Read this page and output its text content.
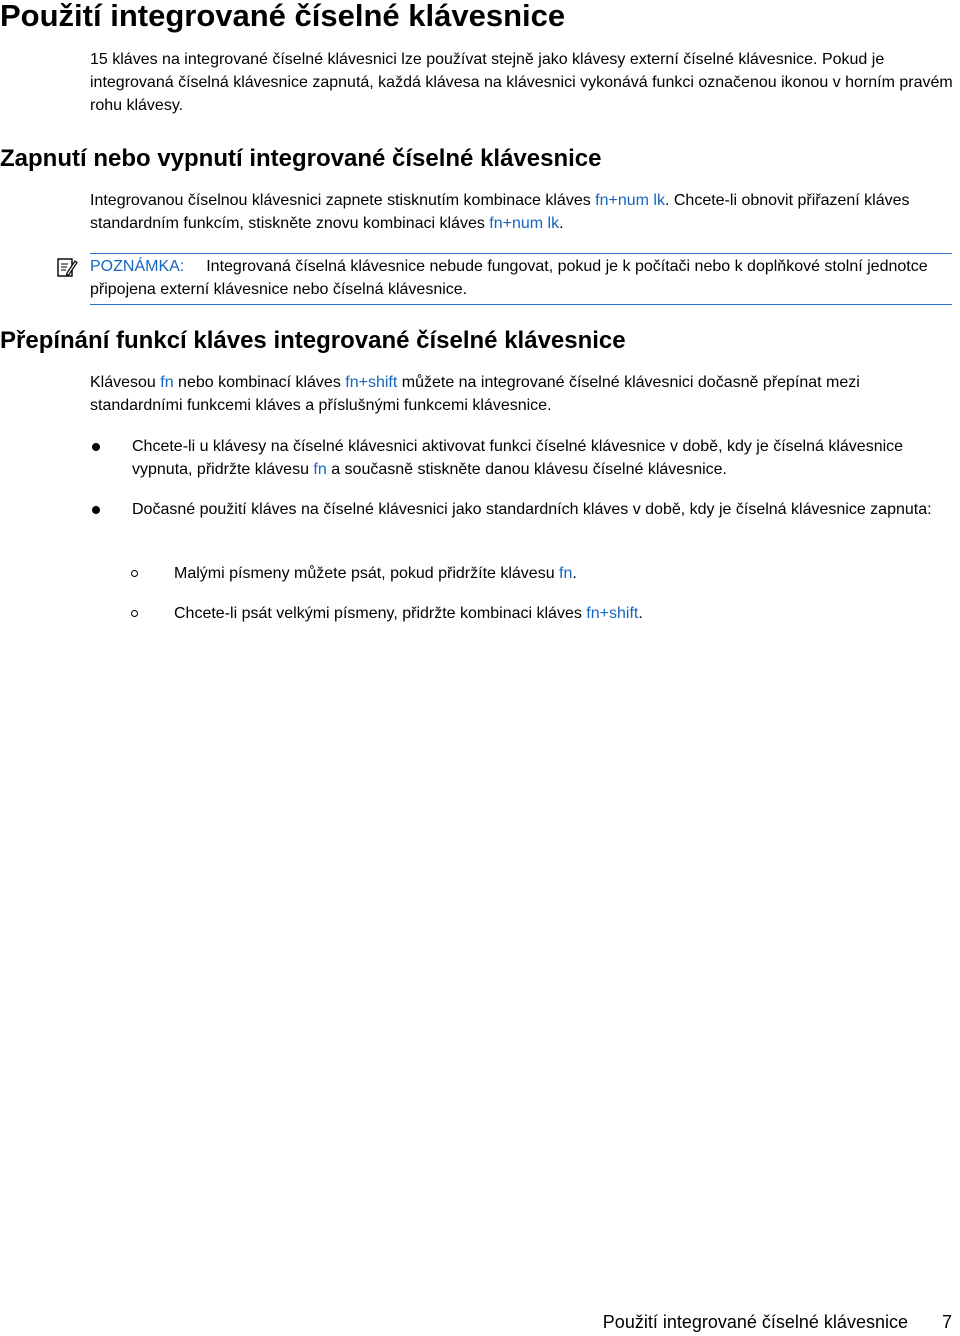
Použití integrované číselné klávesnice

15 kláves na integrované číselné klávesnici lze používat stejně jako klávesy externí číselné klávesnice. Pokud je integrovaná číselná klávesnice zapnutá, každá klávesa na klávesnici vykonává funkci označenou ikonou v horním pravém rohu klávesy.

Zapnutí nebo vypnutí integrované číselné klávesnice

Integrovanou číselnou klávesnici zapnete stisknutím kombinace kláves fn+num lk. Chcete-li obnovit přiřazení kláves standardním funkcím, stiskněte znovu kombinaci kláves fn+num lk.

POZNÁMKA: Integrovaná číselná klávesnice nebude fungovat, pokud je k počítači nebo k doplňkové stolní jednotce připojena externí klávesnice nebo číselná klávesnice.
Přepínání funkcí kláves integrované číselné klávesnice

Klávesou fn nebo kombinací kláves fn+shift můžete na integrované číselné klávesnici dočasně přepínat mezi standardními funkcemi kláves a příslušnými funkcemi klávesnice.

Chcete-li u klávesy na číselné klávesnici aktivovat funkci číselné klávesnice v době, kdy je číselná klávesnice vypnuta, přidržte klávesu fn a současně stiskněte danou klávesu číselné klávesnice.

Dočasné použití kláves na číselné klávesnici jako standardních kláves v době, kdy je číselná klávesnice zapnuta:

Malými písmeny můžete psát, pokud přidržíte klávesu fn.

Chcete-li psát velkými písmeny, přidržte kombinaci kláves fn+shift.

Použití integrované číselné klávesnice 7
